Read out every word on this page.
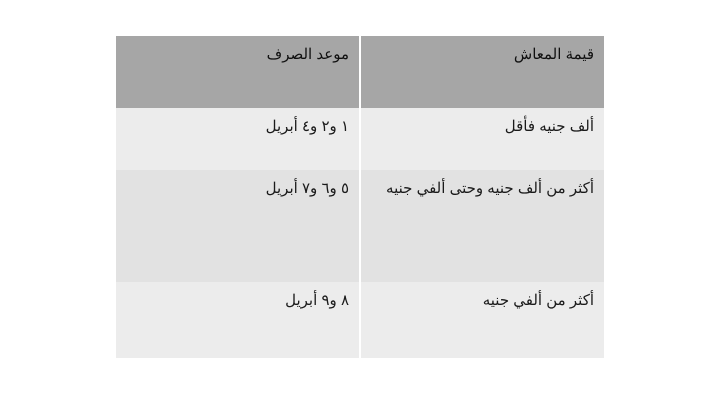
قيمة المعاش	موعد الصرف
ألف جنيه فأقل	١ و٢ و٤ أبريل
أكثر من ألف جنيه وحتى ألفي جنيه	٥ و٦ و٧ أبريل
أكثر من ألفي جنيه	٨ و٩ أبريل
